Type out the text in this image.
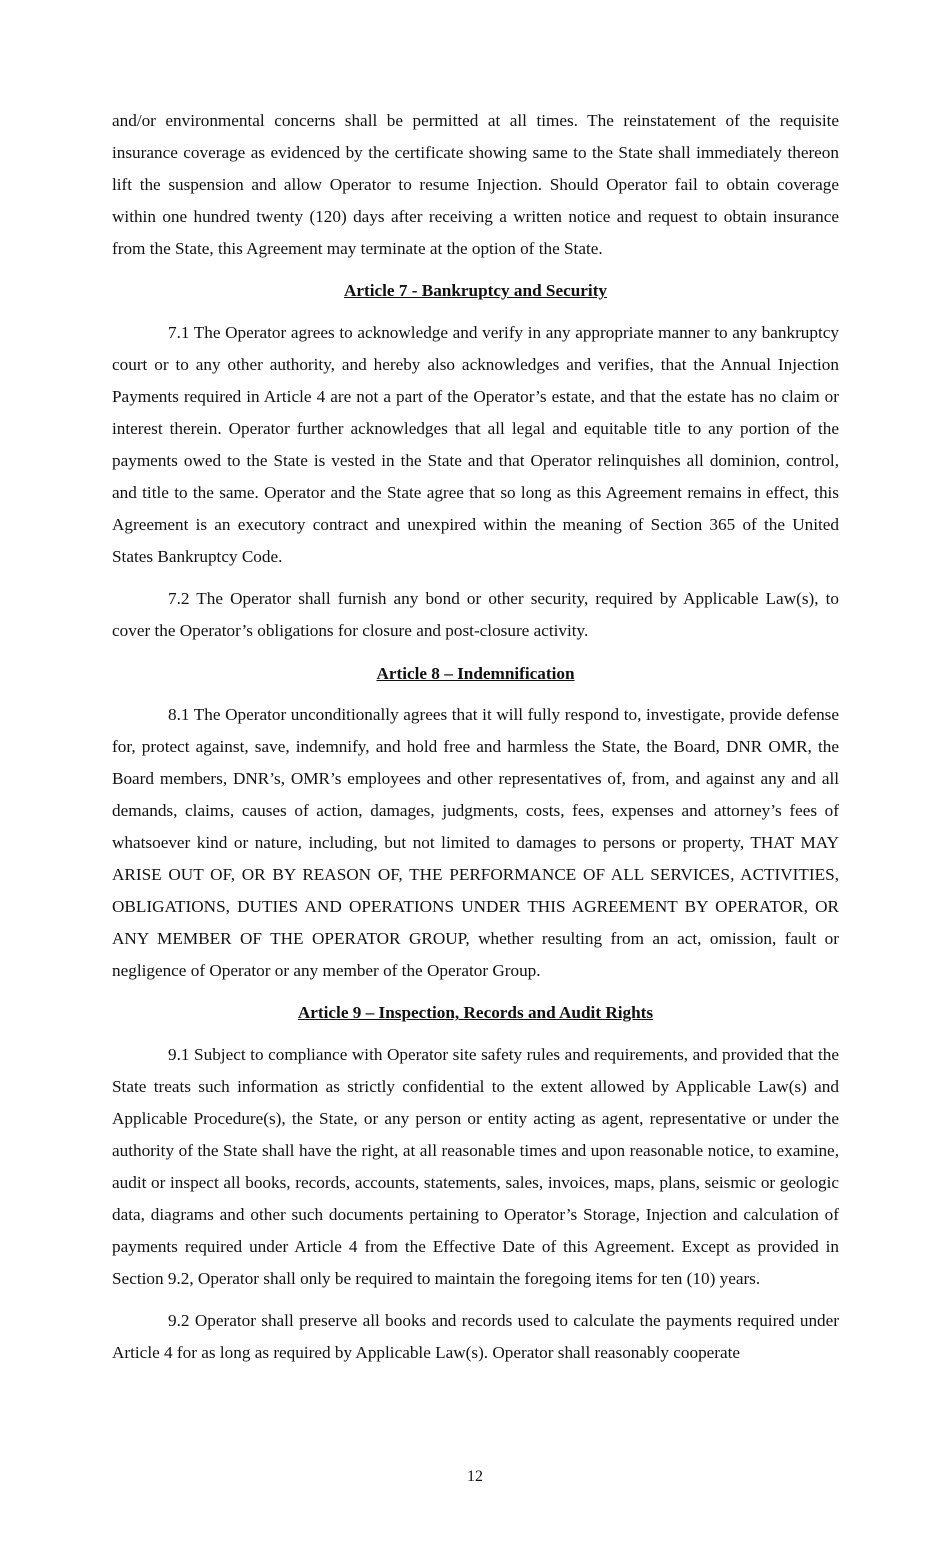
and/or environmental concerns shall be permitted at all times. The reinstatement of the requisite insurance coverage as evidenced by the certificate showing same to the State shall immediately thereon lift the suspension and allow Operator to resume Injection. Should Operator fail to obtain coverage within one hundred twenty (120) days after receiving a written notice and request to obtain insurance from the State, this Agreement may terminate at the option of the State.

Article 7 - Bankruptcy and Security

7.1 The Operator agrees to acknowledge and verify in any appropriate manner to any bankruptcy court or to any other authority, and hereby also acknowledges and verifies, that the Annual Injection Payments required in Article 4 are not a part of the Operator’s estate, and that the estate has no claim or interest therein. Operator further acknowledges that all legal and equitable title to any portion of the payments owed to the State is vested in the State and that Operator relinquishes all dominion, control, and title to the same. Operator and the State agree that so long as this Agreement remains in effect, this Agreement is an executory contract and unexpired within the meaning of Section 365 of the United States Bankruptcy Code.

7.2 The Operator shall furnish any bond or other security, required by Applicable Law(s), to cover the Operator’s obligations for closure and post-closure activity.

Article 8 – Indemnification

8.1 The Operator unconditionally agrees that it will fully respond to, investigate, provide defense for, protect against, save, indemnify, and hold free and harmless the State, the Board, DNR OMR, the Board members, DNR’s, OMR’s employees and other representatives of, from, and against any and all demands, claims, causes of action, damages, judgments, costs, fees, expenses and attorney’s fees of whatsoever kind or nature, including, but not limited to damages to persons or property, THAT MAY ARISE OUT OF, OR BY REASON OF, THE PERFORMANCE OF ALL SERVICES, ACTIVITIES, OBLIGATIONS, DUTIES AND OPERATIONS UNDER THIS AGREEMENT BY OPERATOR, OR ANY MEMBER OF THE OPERATOR GROUP, whether resulting from an act, omission, fault or negligence of Operator or any member of the Operator Group.

Article 9 – Inspection, Records and Audit Rights

9.1 Subject to compliance with Operator site safety rules and requirements, and provided that the State treats such information as strictly confidential to the extent allowed by Applicable Law(s) and Applicable Procedure(s), the State, or any person or entity acting as agent, representative or under the authority of the State shall have the right, at all reasonable times and upon reasonable notice, to examine, audit or inspect all books, records, accounts, statements, sales, invoices, maps, plans, seismic or geologic data, diagrams and other such documents pertaining to Operator’s Storage, Injection and calculation of payments required under Article 4 from the Effective Date of this Agreement. Except as provided in Section 9.2, Operator shall only be required to maintain the foregoing items for ten (10) years.

9.2 Operator shall preserve all books and records used to calculate the payments required under Article 4 for as long as required by Applicable Law(s). Operator shall reasonably cooperate

12
